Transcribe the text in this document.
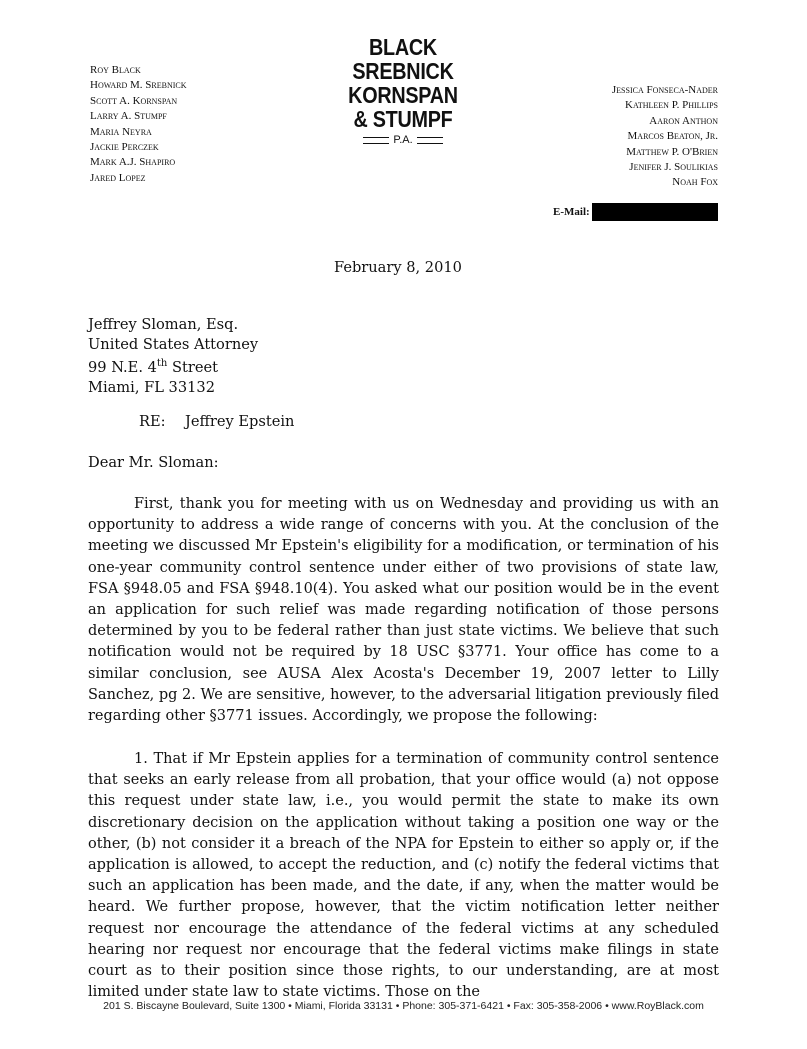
Roy Black
Howard M. Srebnick
Scott A. Kornspan
Larry A. Stumpf
Maria Neyra
Jackie Perczek
Mark A.J. Shapiro
Jared Lopez
BLACK
SREBNICK
KORNSPAN
& STUMPF
P.A.
Jessica Fonseca-Nader
Kathleen P. Phillips
Aaron Anthon
Marcos Beaton, Jr.
Matthew P. O'Brien
Jenifer J. Soulikias
Noah Fox
E-Mail:
February 8, 2010
Jeffrey Sloman, Esq.
United States Attorney
99 N.E. 4th Street
Miami, FL 33132
RE: Jeffrey Epstein
Dear Mr. Sloman:
First, thank you for meeting with us on Wednesday and providing us with an opportunity to address a wide range of concerns with you. At the conclusion of the meeting we discussed Mr Epstein's eligibility for a modification, or termination of his one-year community control sentence under either of two provisions of state law, FSA §948.05 and FSA §948.10(4). You asked what our position would be in the event an application for such relief was made regarding notification of those persons determined by you to be federal rather than just state victims. We believe that such notification would not be required by 18 USC §3771. Your office has come to a similar conclusion, see AUSA Alex Acosta's December 19, 2007 letter to Lilly Sanchez, pg 2. We are sensitive, however, to the adversarial litigation previously filed regarding other §3771 issues. Accordingly, we propose the following:
1. That if Mr Epstein applies for a termination of community control sentence that seeks an early release from all probation, that your office would (a) not oppose this request under state law, i.e., you would permit the state to make its own discretionary decision on the application without taking a position one way or the other, (b) not consider it a breach of the NPA for Epstein to either so apply or, if the application is allowed, to accept the reduction, and (c) notify the federal victims that such an application has been made, and the date, if any, when the matter would be heard. We further propose, however, that the victim notification letter neither request nor encourage the attendance of the federal victims at any scheduled hearing nor request nor encourage that the federal victims make filings in state court as to their position since those rights, to our understanding, are at most limited under state law to state victims. Those on the
201 S. Biscayne Boulevard, Suite 1300 • Miami, Florida 33131 • Phone: 305-371-6421 • Fax: 305-358-2006 • www.RoyBlack.com
